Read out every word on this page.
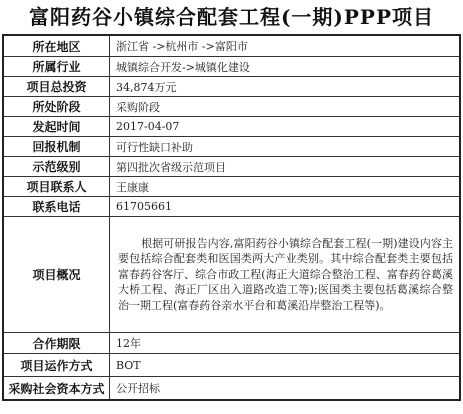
富阳药谷小镇综合配套工程(一期)PPP项目
所在地区	浙江省 ->杭州市 ->富阳市
所属行业	城镇综合开发->城镇化建设
项目总投资	34,874万元
所处阶段	采购阶段
发起时间	2017-04-07
回报机制	可行性缺口补助
示范级别	第四批次省级示范项目
项目联系人	王康康
联系电话	61705661
项目概况	根据可研报告内容,富阳药谷小镇综合配套工程(一期)建设内容主要包括综合配套类和医国类两大产业类别。其中综合配套类主要包括富春药谷客厅、综合市政工程(海正大道综合整治工程、富春药谷葛溪大桥工程、海正厂区出入道路改造工等);医国类主要包括葛溪综合整治一期工程(富春药谷亲水平台和葛溪沿岸整治工程等)。
合作期限	12年
项目运作方式	BOT
采购社会资本方式	公开招标
